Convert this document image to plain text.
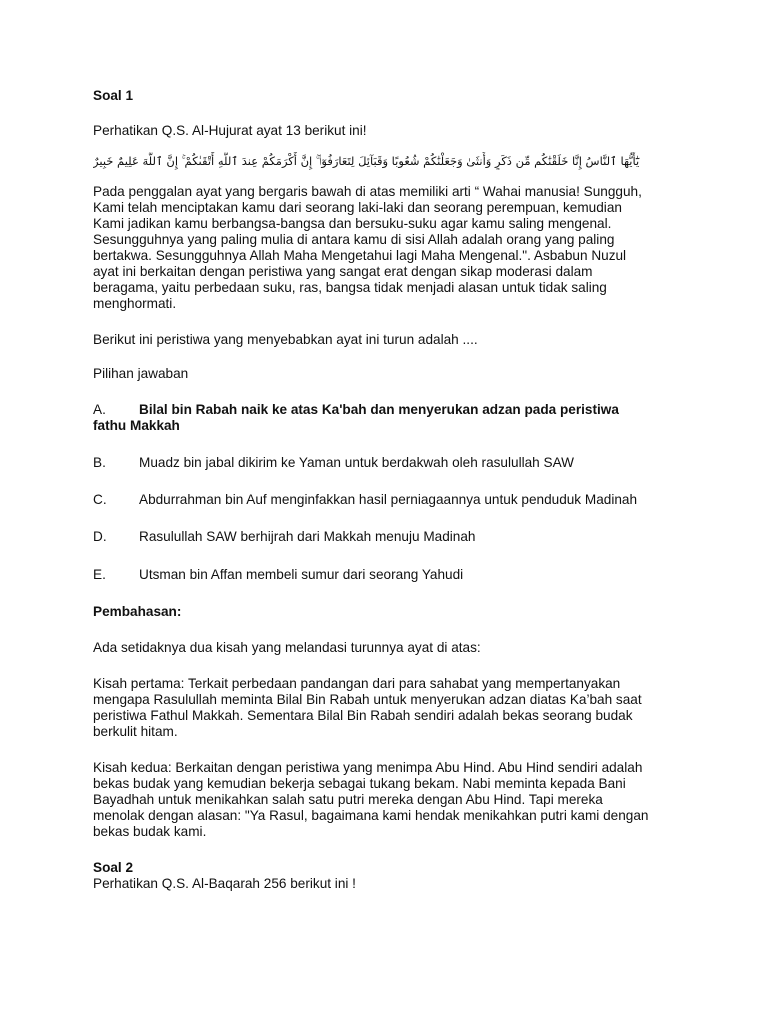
Soal 1

Perhatikan Q.S. Al-Hujurat ayat 13 berikut ini!

يَٰٓأَيُّهَا ٱلنَّاسُ إِنَّا خَلَقْنَٰكُم مِّن ذَكَرٍ وَأُنثَىٰ وَجَعَلْنَٰكُمْ شُعُوبًا وَقَبَآئِلَ لِتَعَارَفُوٓا۟ ۚ إِنَّ أَكْرَمَكُمْ عِندَ ٱللَّهِ أَتْقَىٰكُمْ ۚ إِنَّ ٱللَّهَ عَلِيمٌ خَبِيرٌ
Pada penggalan ayat yang bergaris bawah di atas memiliki arti “ Wahai manusia! Sungguh,
Kami telah menciptakan kamu dari seorang laki-laki dan seorang perempuan, kemudian
Kami jadikan kamu berbangsa-bangsa dan bersuku-suku agar kamu saling mengenal.
Sesungguhnya yang paling mulia di antara kamu di sisi Allah adalah orang yang paling
bertakwa. Sesungguhnya Allah Maha Mengetahui lagi Maha Mengenal.". Asbabun Nuzul
ayat ini berkaitan dengan peristiwa yang sangat erat dengan sikap moderasi dalam
beragama, yaitu perbedaan suku, ras, bangsa tidak menjadi alasan untuk tidak saling
menghormati.

Berikut ini peristiwa yang menyebabkan ayat ini turun adalah ....

Pilihan jawaban

A.	Bilal bin Rabah naik ke atas Ka'bah dan menyerukan adzan pada peristiwa
fathu Makkah
B.	Muadz bin jabal dikirim ke Yaman untuk berdakwah oleh rasulullah SAW
C.	Abdurrahman bin Auf menginfakkan hasil perniagaannya untuk penduduk Madinah
D.	Rasulullah SAW berhijrah dari Makkah menuju Madinah
E.	Utsman bin Affan membeli sumur dari seorang Yahudi

Pembahasan:

Ada setidaknya dua kisah yang melandasi turunnya ayat di atas:

Kisah pertama: Terkait perbedaan pandangan dari para sahabat yang mempertanyakan
mengapa Rasulullah meminta Bilal Bin Rabah untuk menyerukan adzan diatas Ka’bah saat
peristiwa Fathul Makkah. Sementara Bilal Bin Rabah sendiri adalah bekas seorang budak
berkulit hitam.
Kisah kedua: Berkaitan dengan peristiwa yang menimpa Abu Hind. Abu Hind sendiri adalah
bekas budak yang kemudian bekerja sebagai tukang bekam. Nabi meminta kepada Bani
Bayadhah untuk menikahkan salah satu putri mereka dengan Abu Hind. Tapi mereka
menolak dengan alasan: "Ya Rasul, bagaimana kami hendak menikahkan putri kami dengan
bekas budak kami.

Soal 2

Perhatikan Q.S. Al-Baqarah 256 berikut ini !
